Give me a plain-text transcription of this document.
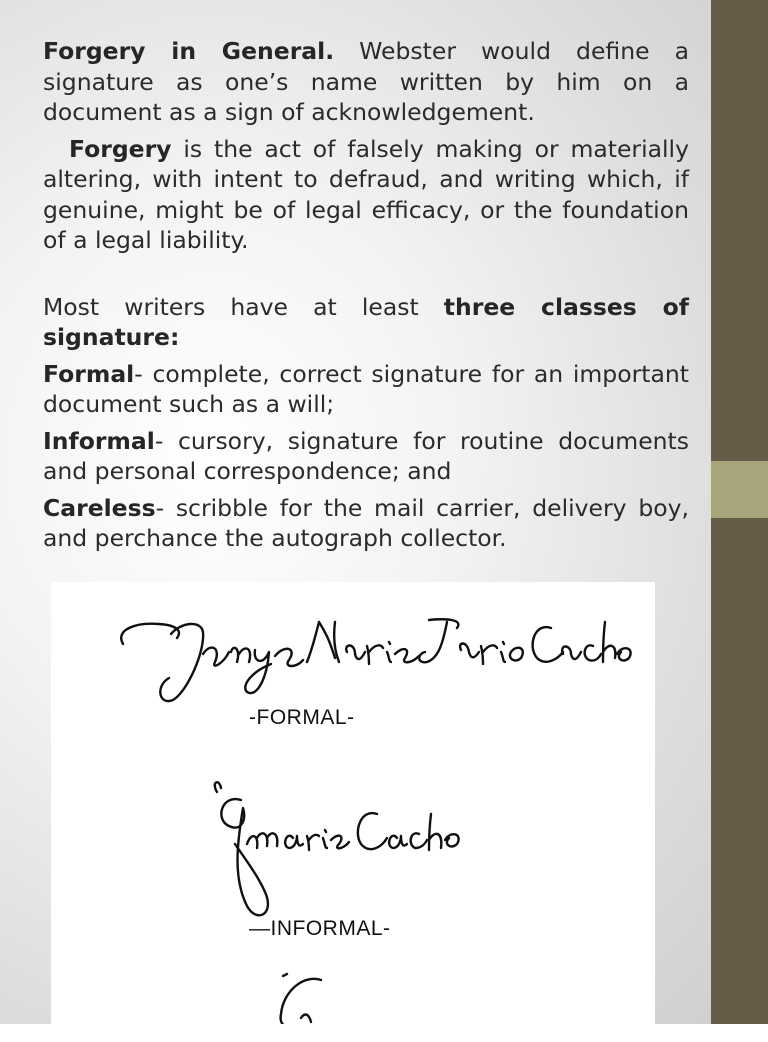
Forgery in General. Webster would define a signature as one’s name written by him on a document as a sign of acknowledgement.

Forgery is the act of falsely making or materially altering, with intent to defraud, and writing which, if genuine, might be of legal efficacy, or the foundation of a legal liability.

Most writers have at least three classes of signature:

Formal- complete, correct signature for an important document such as a will;

Informal- cursory, signature for routine documents and personal correspondence; and

Careless- scribble for the mail carrier, delivery boy, and perchance the autograph collector.

-FORMAL-
—INFORMAL-
